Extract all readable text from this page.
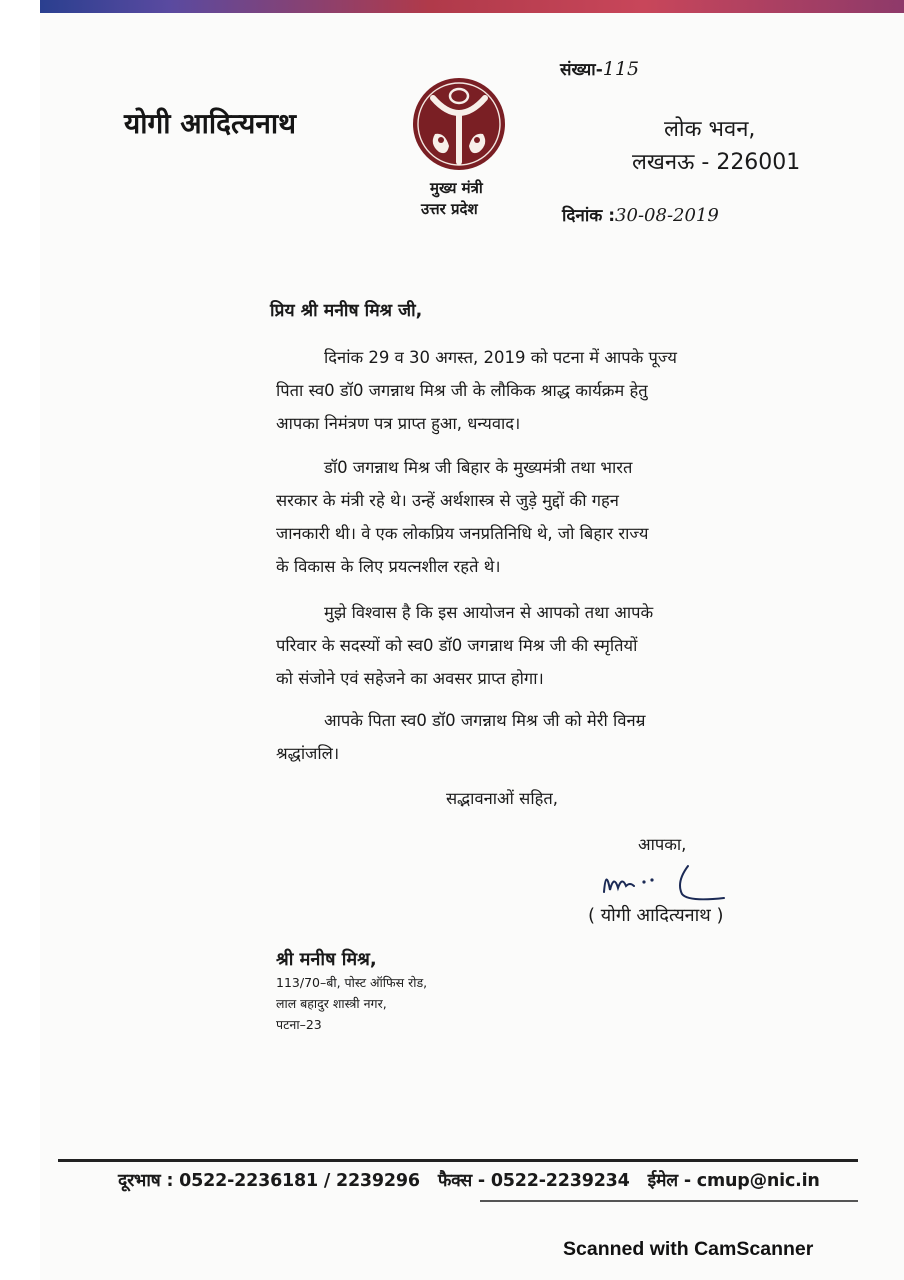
योगी आदित्यनाथ
संख्या-115
लोक भवन,
लखनऊ - 226001
मुख्य मंत्री
उत्तर प्रदेश	दिनांक :30-08-2019
प्रिय श्री मनीष मिश्र जी,
दिनांक 29 व 30 अगस्त, 2019 को पटना में आपके पूज्य
पिता स्व0 डॉ0 जगन्नाथ मिश्र जी के लौकिक श्राद्ध कार्यक्रम हेतु
आपका निमंत्रण पत्र प्राप्त हुआ, धन्यवाद।
डॉ0 जगन्नाथ मिश्र जी बिहार के मुख्यमंत्री तथा भारत
सरकार के मंत्री रहे थे। उन्हें अर्थशास्त्र से जुड़े मुद्दों की गहन
जानकारी थी। वे एक लोकप्रिय जनप्रतिनिधि थे, जो बिहार राज्य
के विकास के लिए प्रयत्नशील रहते थे।
मुझे विश्वास है कि इस आयोजन से आपको तथा आपके
परिवार के सदस्यों को स्व0 डॉ0 जगन्नाथ मिश्र जी की स्मृतियों
को संजोने एवं सहेजने का अवसर प्राप्त होगा।
आपके पिता स्व0 डॉ0 जगन्नाथ मिश्र जी को मेरी विनम्र
श्रद्धांजलि।
सद्भावनाओं सहित,
आपका,
( योगी आदित्यनाथ )
श्री मनीष मिश्र,
113/70–बी, पोस्ट ऑफिस रोड,
लाल बहादुर शास्त्री नगर,
पटना–23
दूरभाष : 0522-2236181 / 2239296 फैक्स - 0522-2239234 ईमेल - cmup@nic.in
Scanned with CamScanner
